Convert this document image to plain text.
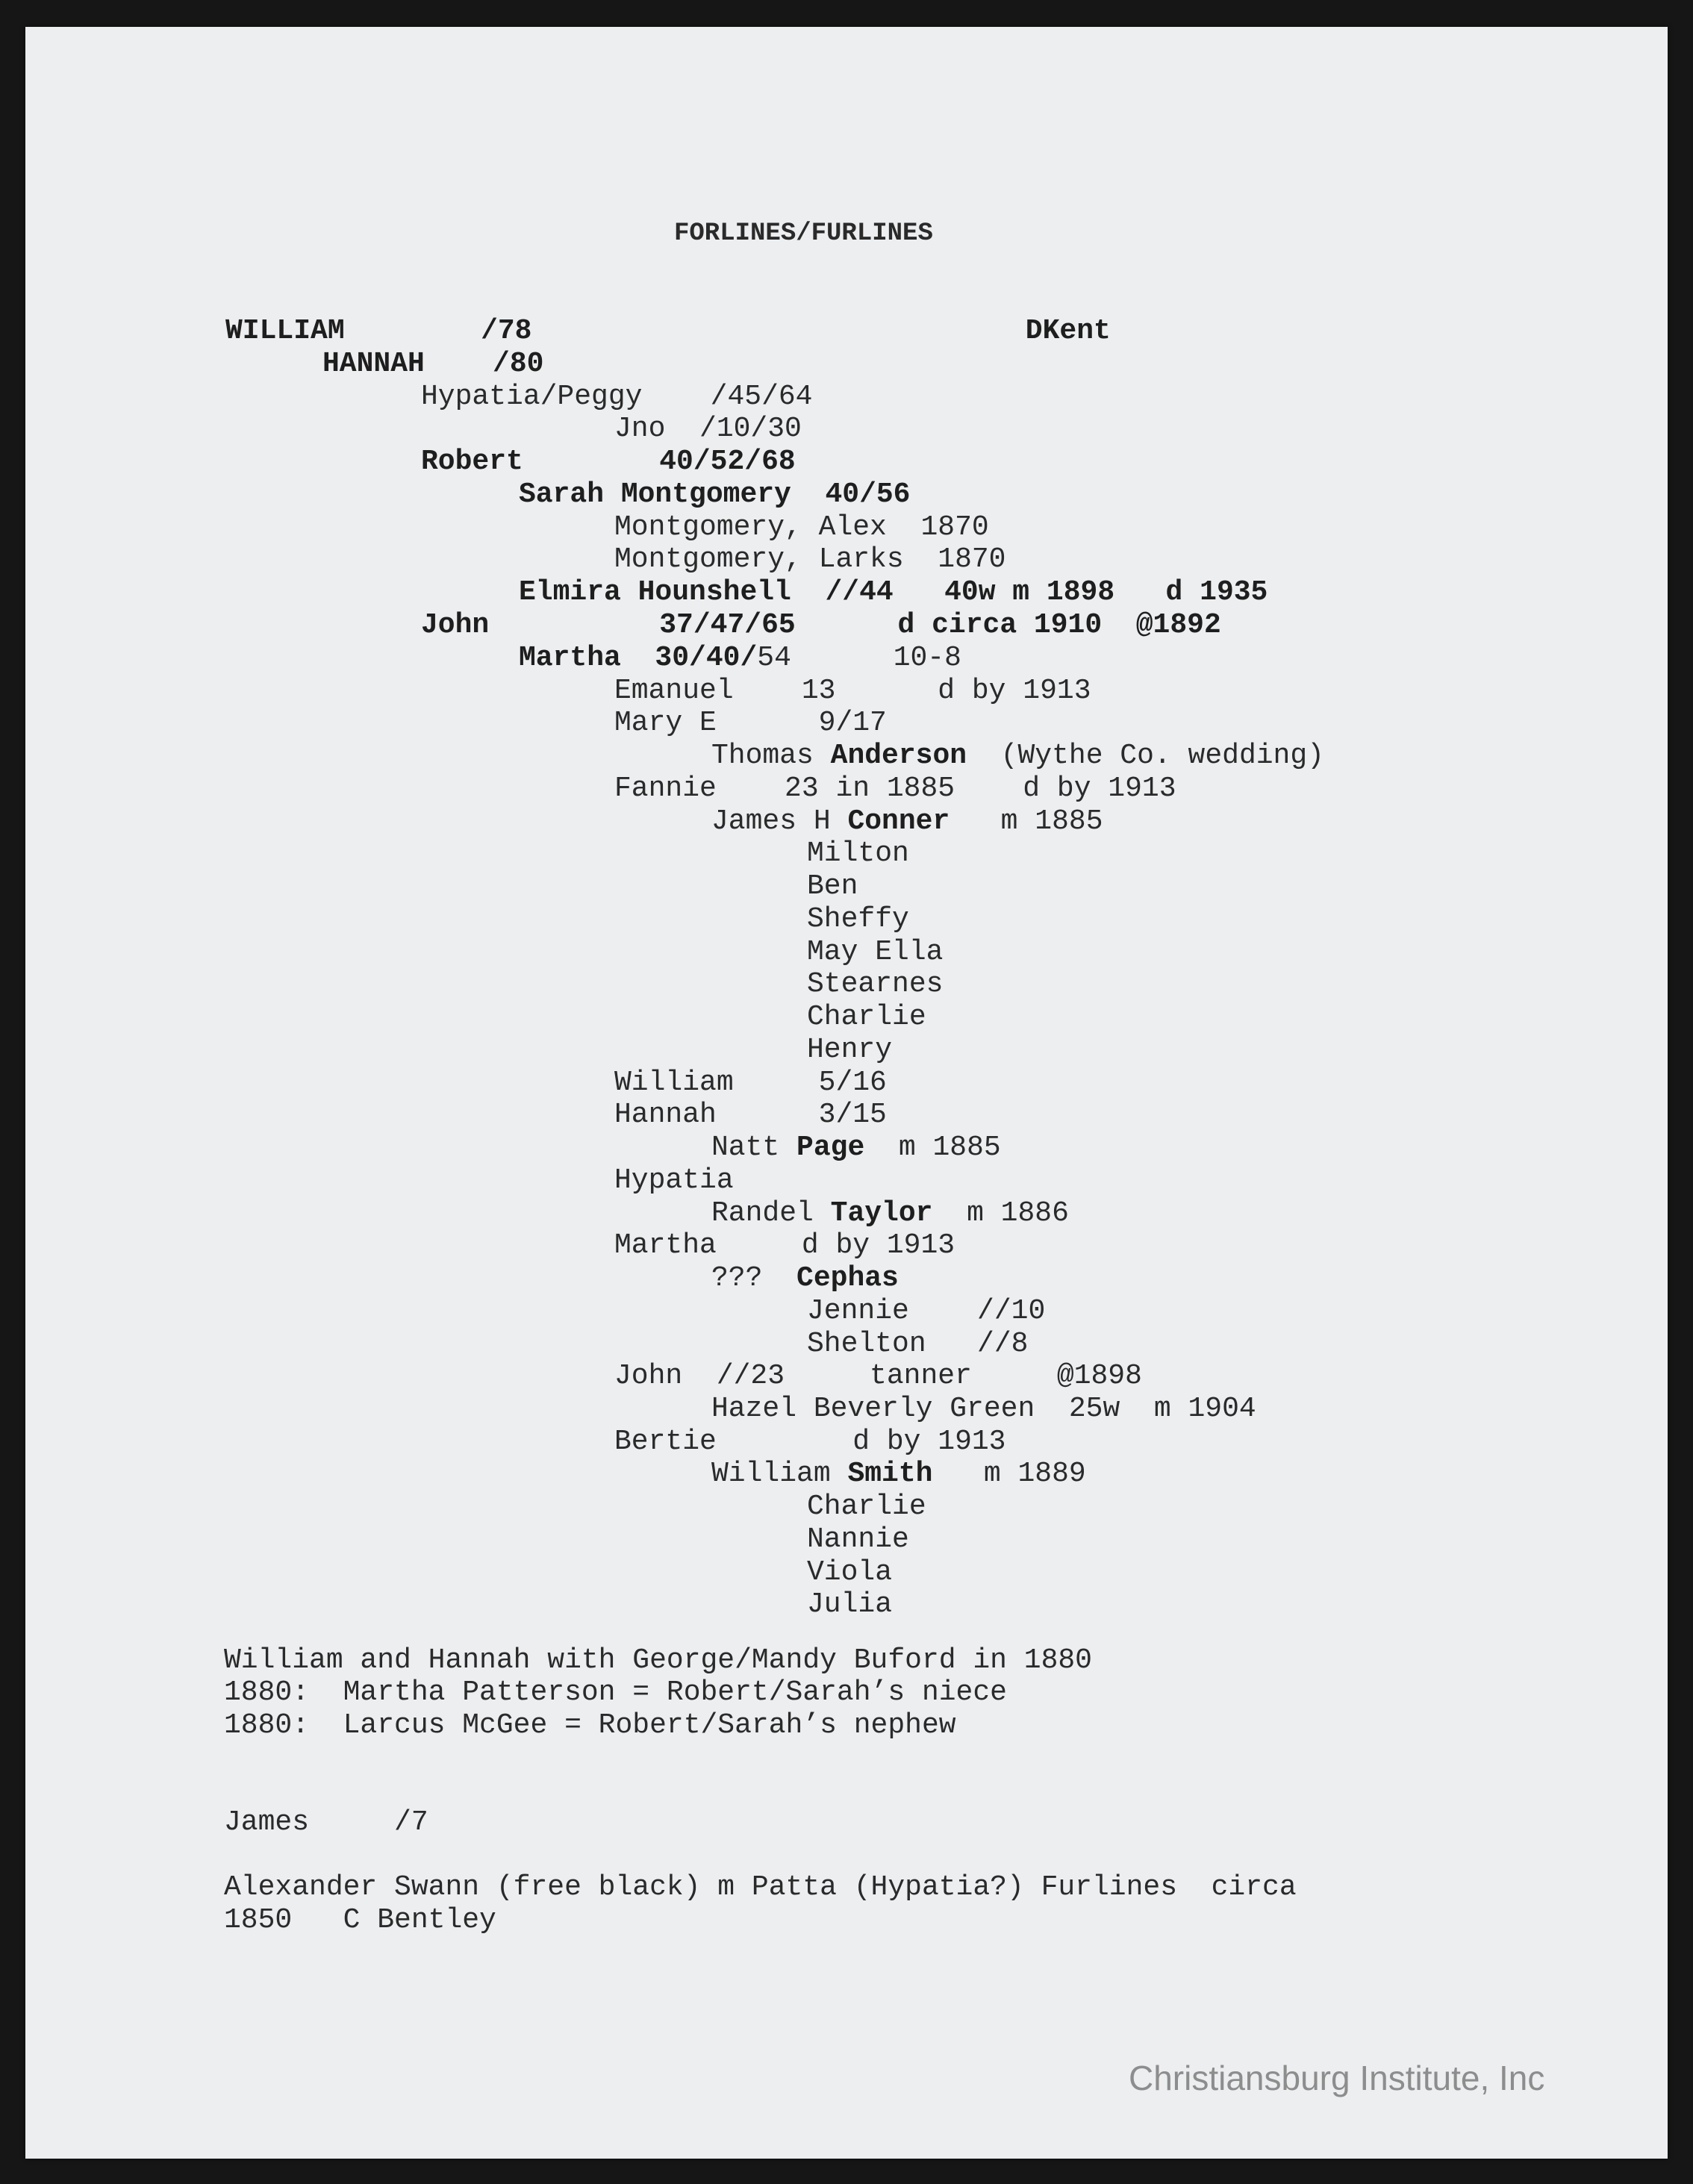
FORLINES/FURLINES
WILLIAM        /78                             DKent
HANNAH    /80
Hypatia/Peggy    /45/64
Jno  /10/30
Robert        40/52/68
Sarah Montgomery  40/56
Montgomery, Alex  1870
Montgomery, Larks  1870
Elmira Hounshell  //44   40w m 1898   d 1935
John          37/47/65      d circa 1910  @1892
Martha  30/40/54      10-8
Emanuel    13      d by 1913
Mary E      9/17
Thomas Anderson  (Wythe Co. wedding)
Fannie    23 in 1885    d by 1913
James H Conner   m 1885
Milton
Ben
Sheffy
May Ella
Stearnes
Charlie
Henry
William     5/16
Hannah      3/15
Natt Page  m 1885
Hypatia
Randel Taylor  m 1886
Martha     d by 1913
???  Cephas
Jennie    //10
Shelton   //8
John  //23     tanner     @1898
Hazel Beverly Green  25w  m 1904
Bertie        d by 1913
William Smith   m 1889
Charlie
Nannie
Viola
Julia
William and Hannah with George/Mandy Buford in 1880
1880:  Martha Patterson = Robert/Sarah’s niece
1880:  Larcus McGee = Robert/Sarah’s nephew
James     /7
Alexander Swann (free black) m Patta (Hypatia?) Furlines  circa
1850   C Bentley
Christiansburg Institute, Inc
